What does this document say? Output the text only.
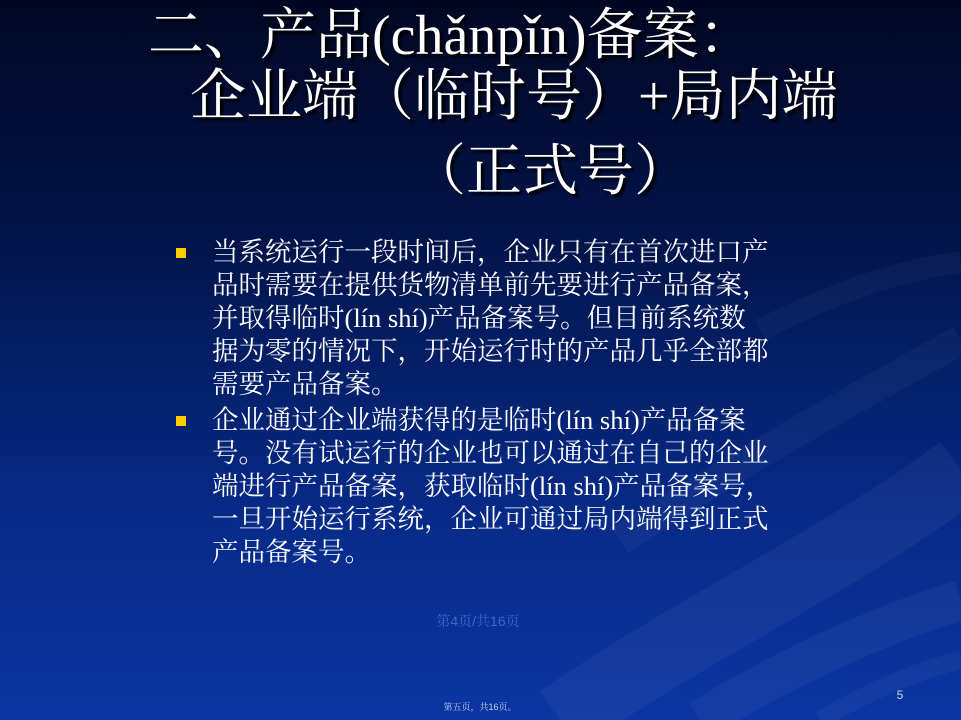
二、产品(chǎnpǐn)备案：
企业端（临时号）+局内端
（正式号）
当系统运行一段时间后，企业只有在首次进口产
品时需要在提供货物清单前先要进行产品备案，
并取得临时(lín shí)产品备案号。但目前系统数
据为零的情况下，开始运行时的产品几乎全部都
需要产品备案。
企业通过企业端获得的是临时(lín shí)产品备案
号。没有试运行的企业也可以通过在自己的企业
端进行产品备案，获取临时(lín shí)产品备案号，
一旦开始运行系统，企业可通过局内端得到正式
产品备案号。
第4页/共16页
5
第五页，共16页。
